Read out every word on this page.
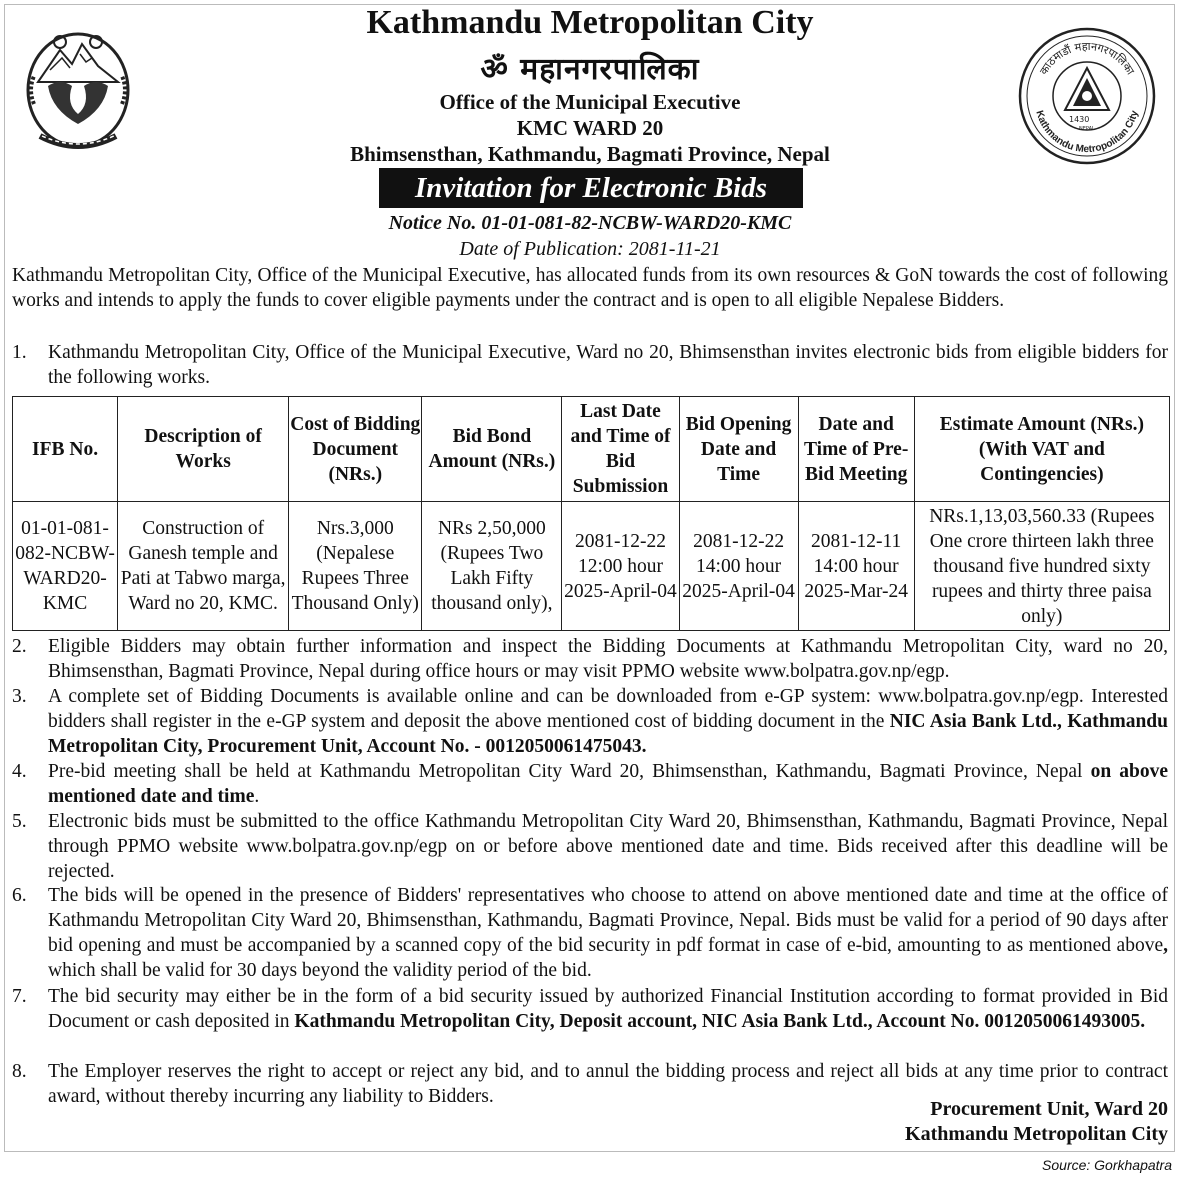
काठमाडौं महानगरपालिका
Kathmandu Metropolitan City
1430
NEPAL
Kathmandu Metropolitan City
ॐ महानगरपालिका
Office of the Municipal Executive
KMC WARD 20
Bhimsensthan, Kathmandu, Bagmati Province, Nepal
Invitation for Electronic Bids
Notice No. 01-01-081-82-NCBW-WARD20-KMC
Date of Publication: 2081-11-21
Kathmandu Metropolitan City, Office of the Municipal Executive, has allocated funds from its own resources & GoN towards the cost of following works and intends to apply the funds to cover eligible payments under the contract and is open to all eligible Nepalese Bidders.
1.	Kathmandu Metropolitan City, Office of the Municipal Executive, Ward no 20, Bhimsensthan invites electronic bids from eligible bidders for the following works.
IFB No.	Description of Works	Cost of Bidding Document (NRs.)	Bid Bond Amount (NRs.)	Last Date and Time of Bid Submission	Bid Opening Date and Time	Date and Time of Pre-Bid Meeting	Estimate Amount (NRs.) (With VAT and Contingencies)
01-01-081-082-NCBW-WARD20-KMC	Construction of Ganesh temple and Pati at Tabwo marga, Ward no 20, KMC.	Nrs.3,000 (Nepalese Rupees Three Thousand Only)	NRs 2,50,000 (Rupees Two Lakh Fifty thousand only),	2081-12-22 12:00 hour 2025-April-04	2081-12-22 14:00 hour 2025-April-04	2081-12-11 14:00 hour 2025-Mar-24	NRs.1,13,03,560.33 (Rupees One crore thirteen lakh three thousand five hundred sixty rupees and thirty three paisa only)
2.	Eligible Bidders may obtain further information and inspect the Bidding Documents at Kathmandu Metropolitan City, ward no 20, Bhimsensthan, Bagmati Province, Nepal during office hours or may visit PPMO website www.bolpatra.gov.np/egp.
3.	A complete set of Bidding Documents is available online and can be downloaded from e-GP system: www.bolpatra.gov.np/egp. Interested bidders shall register in the e-GP system and deposit the above mentioned cost of bidding document in the NIC Asia Bank Ltd., Kathmandu Metropolitan City, Procurement Unit, Account No. - 0012050061475043.
4.	Pre-bid meeting shall be held at Kathmandu Metropolitan City Ward 20, Bhimsensthan, Kathmandu, Bagmati Province, Nepal on above mentioned date and time.
5.	Electronic bids must be submitted to the office Kathmandu Metropolitan City Ward 20, Bhimsensthan, Kathmandu, Bagmati Province, Nepal through PPMO website www.bolpatra.gov.np/egp on or before above mentioned date and time. Bids received after this deadline will be rejected.
6.	The bids will be opened in the presence of Bidders' representatives who choose to attend on above mentioned date and time at the office of Kathmandu Metropolitan City Ward 20, Bhimsensthan, Kathmandu, Bagmati Province, Nepal. Bids must be valid for a period of 90 days after bid opening and must be accompanied by a scanned copy of the bid security in pdf format in case of e-bid, amounting to as mentioned above, which shall be valid for 30 days beyond the validity period of the bid.
7.	The bid security may either be in the form of a bid security issued by authorized Financial Institution according to format provided in Bid Document or cash deposited in Kathmandu Metropolitan City, Deposit account, NIC Asia Bank Ltd., Account No. 0012050061493005.
8.	The Employer reserves the right to accept or reject any bid, and to annul the bidding process and reject all bids at any time prior to contract award, without thereby incurring any liability to Bidders.
Procurement Unit, Ward 20
Kathmandu Metropolitan City
Source: Gorkhapatra
